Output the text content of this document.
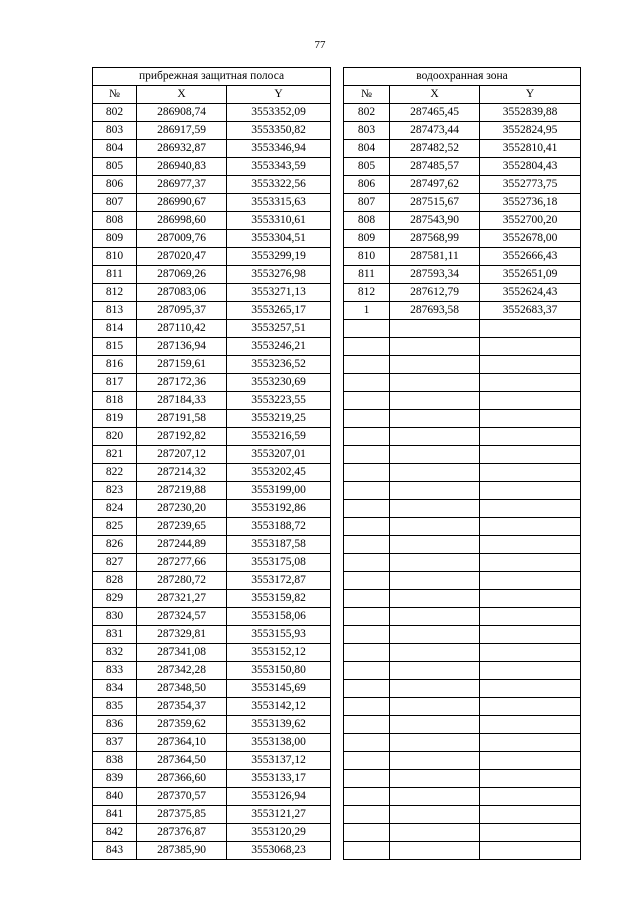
77
прибрежная защитная полоса		
№	X	Y
802	286908,74	3553352,09
803	286917,59	3553350,82
804	286932,87	3553346,94
805	286940,83	3553343,59
806	286977,37	3553322,56
807	286990,67	3553315,63
808	286998,60	3553310,61
809	287009,76	3553304,51
810	287020,47	3553299,19
811	287069,26	3553276,98
812	287083,06	3553271,13
813	287095,37	3553265,17
814	287110,42	3553257,51
815	287136,94	3553246,21
816	287159,61	3553236,52
817	287172,36	3553230,69
818	287184,33	3553223,55
819	287191,58	3553219,25
820	287192,82	3553216,59
821	287207,12	3553207,01
822	287214,32	3553202,45
823	287219,88	3553199,00
824	287230,20	3553192,86
825	287239,65	3553188,72
826	287244,89	3553187,58
827	287277,66	3553175,08
828	287280,72	3553172,87
829	287321,27	3553159,82
830	287324,57	3553158,06
831	287329,81	3553155,93
832	287341,08	3553152,12
833	287342,28	3553150,80
834	287348,50	3553145,69
835	287354,37	3553142,12
836	287359,62	3553139,62
837	287364,10	3553138,00
838	287364,50	3553137,12
839	287366,60	3553133,17
840	287370,57	3553126,94
841	287375,85	3553121,27
842	287376,87	3553120,29
843	287385,90	3553068,23
водоохранная зона		
№	X	Y
802	287465,45	3552839,88
803	287473,44	3552824,95
804	287482,52	3552810,41
805	287485,57	3552804,43
806	287497,62	3552773,75
807	287515,67	3552736,18
808	287543,90	3552700,20
809	287568,99	3552678,00
810	287581,11	3552666,43
811	287593,34	3552651,09
812	287612,79	3552624,43
1	287693,58	3552683,37
